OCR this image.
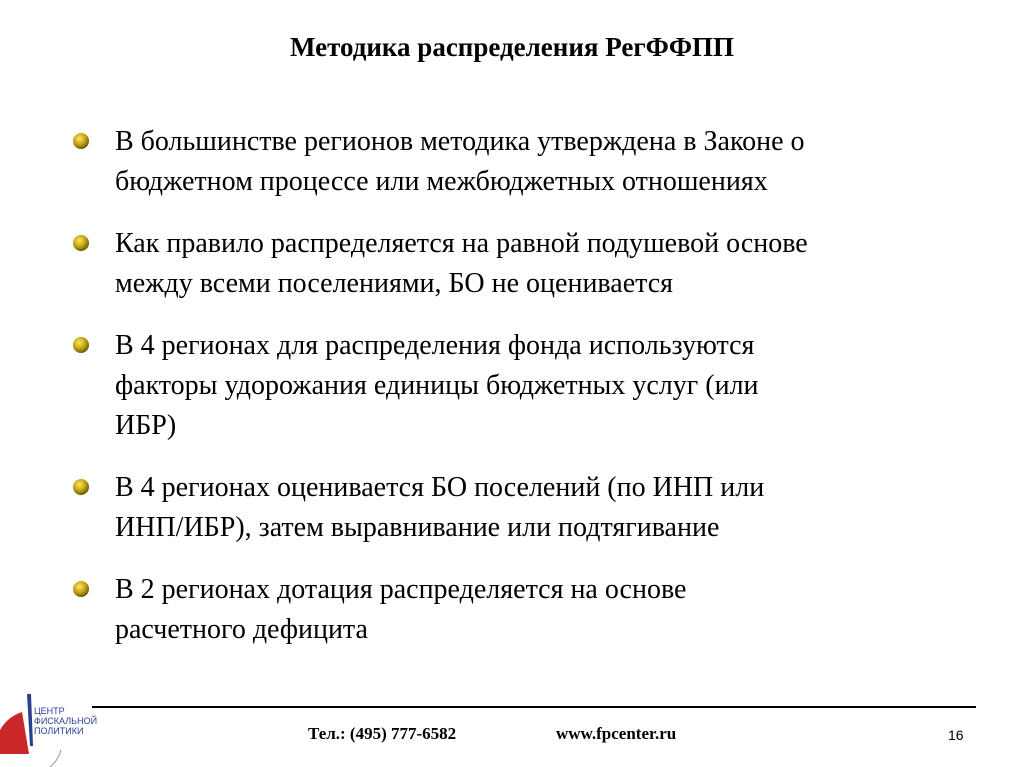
Методика распределения РегФФПП
В большинстве регионов методика утверждена в Законе о
бюджетном процессе или межбюджетных отношениях
Как правило распределяется на равной подушевой основе
между всеми поселениями, БО не оценивается
В 4 регионах для распределения фонда используются
факторы удорожания единицы бюджетных услуг (или
ИБР)
В 4 регионах оценивается БО поселений (по ИНП или
ИНП/ИБР), затем выравнивание или подтягивание
В 2 регионах дотация распределяется на основе
расчетного дефицита
ЦЕНТР
ФИСКАЛЬНОЙ
ПОЛИТИКИ	Тел.: (495) 777-6582	www.fpcenter.ru	16
